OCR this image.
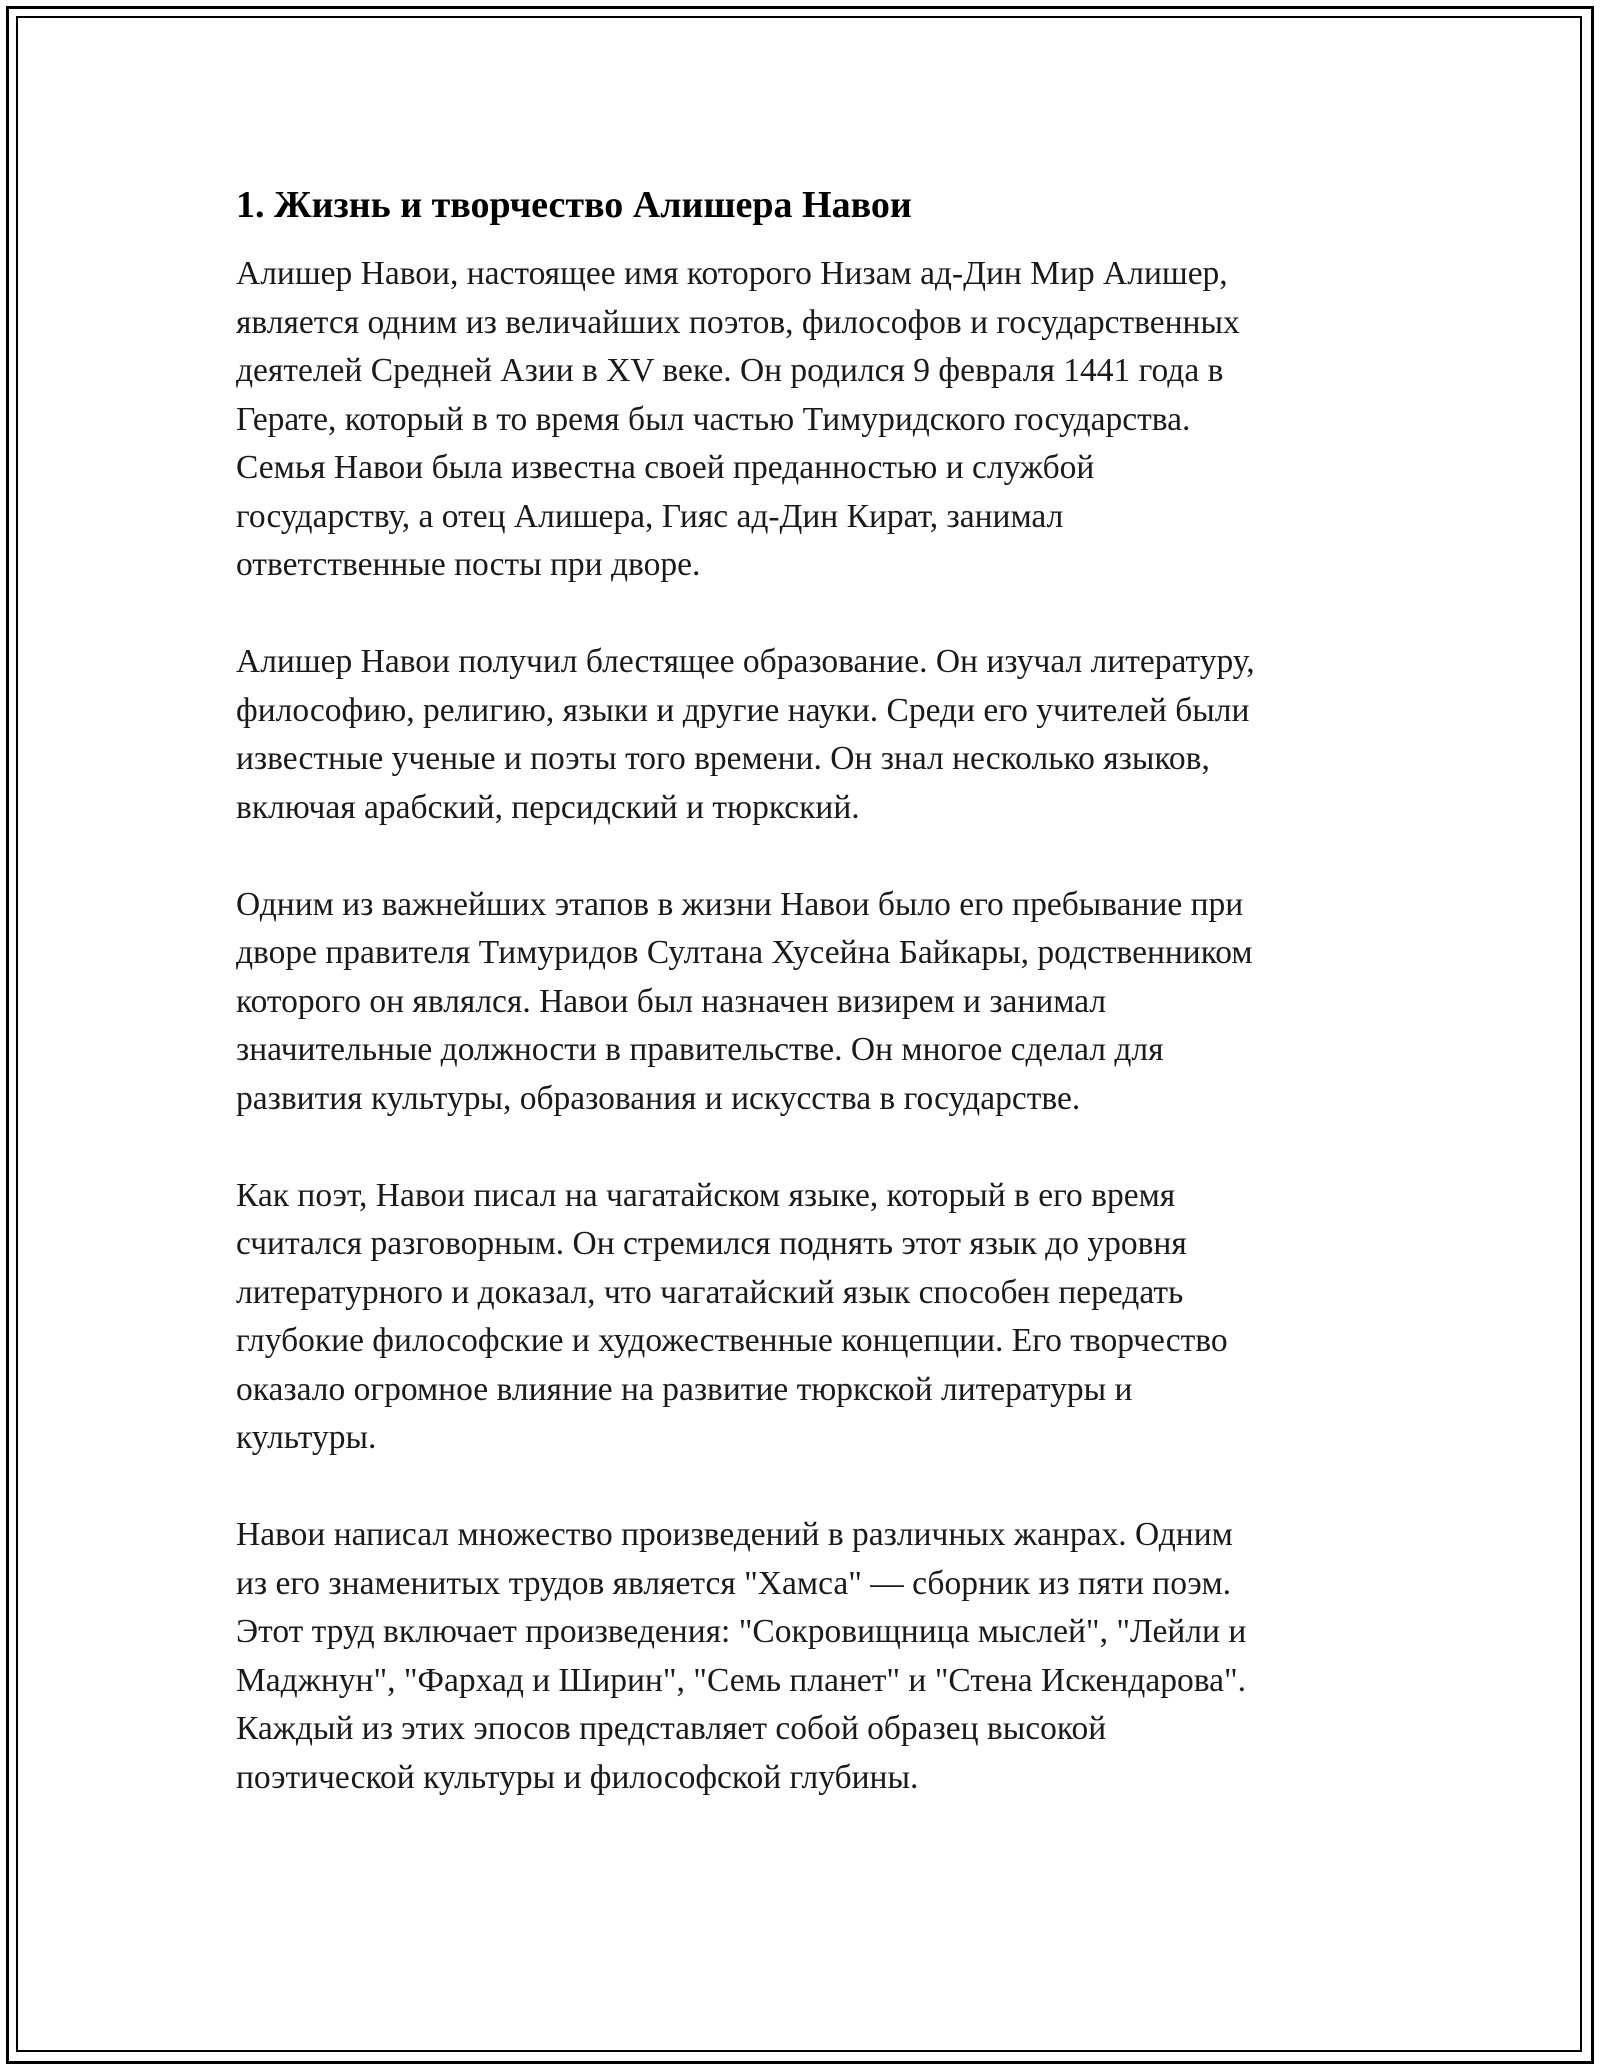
1. Жизнь и творчество Алишера Навои

Алишер Навои, настоящее имя которого Низам ад-Дин Мир Алишер,
является одним из величайших поэтов, философов и государственных
деятелей Средней Азии в XV веке. Он родился 9 февраля 1441 года в
Герате, который в то время был частью Тимуридского государства.
Семья Навои была известна своей преданностью и службой
государству, а отец Алишера, Гияс ад-Дин Кират, занимал
ответственные посты при дворе.

Алишер Навои получил блестящее образование. Он изучал литературу,
философию, религию, языки и другие науки. Среди его учителей были
известные ученые и поэты того времени. Он знал несколько языков,
включая арабский, персидский и тюркский.

Одним из важнейших этапов в жизни Навои было его пребывание при
дворе правителя Тимуридов Султана Хусейна Байкары, родственником
которого он являлся. Навои был назначен визирем и занимал
значительные должности в правительстве. Он многое сделал для
развития культуры, образования и искусства в государстве.

Как поэт, Навои писал на чагатайском языке, который в его время
считался разговорным. Он стремился поднять этот язык до уровня
литературного и доказал, что чагатайский язык способен передать
глубокие философские и художественные концепции. Его творчество
оказало огромное влияние на развитие тюркской литературы и
культуры.

Навои написал множество произведений в различных жанрах. Одним
из его знаменитых трудов является "Хамса" — сборник из пяти поэм.
Этот труд включает произведения: "Сокровищница мыслей", "Лейли и
Маджнун", "Фархад и Ширин", "Семь планет" и "Стена Искендарова".
Каждый из этих эпосов представляет собой образец высокой
поэтической культуры и философской глубины.
